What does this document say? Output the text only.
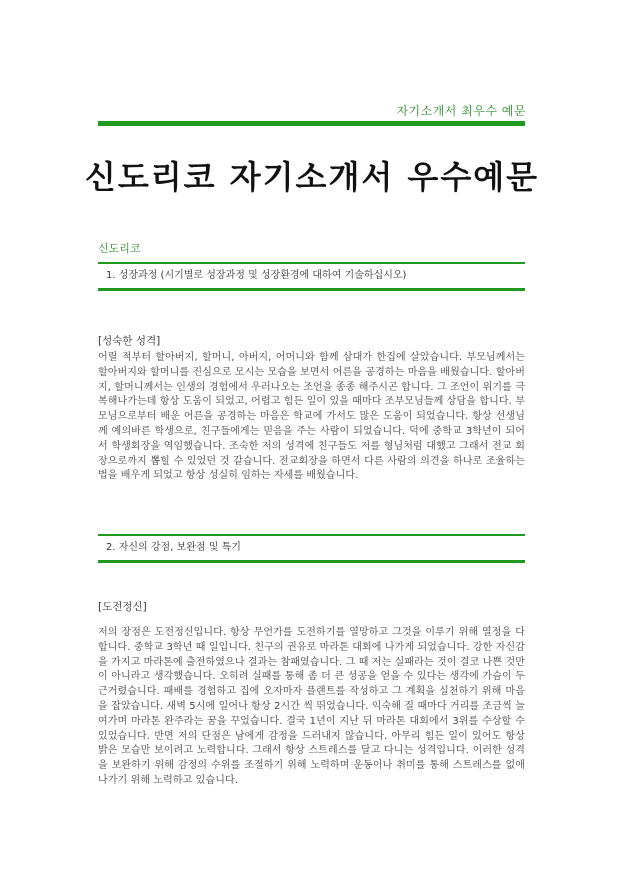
자기소개서 최우수 예문
신도리코 자기소개서 우수예문
신도리코
1. 성장과정 (시기별로 성장과정 및 성장환경에 대하여 기술하십시오)
[성숙한 성격]

어릴 적부터 할아버지, 할머니, 아버지, 어머니와 함께 삼대가 한집에 살았습니다. 부모님께서는 할아버지와 할머니를 진심으로 모시는 모습을 보면서 어른을 공경하는 마음을 배웠습니다. 할아버지, 할머니께서는 인생의 경험에서 우러나오는 조언을 종종 해주시곤 합니다. 그 조언이 위기를 극복해나가는데 항상 도움이 되었고, 어렵고 힘든 일이 있을 때마다 조부모님들께 상담을 합니다. 부모님으로부터 배운 어른을 공경하는 마음은 학교에 가서도 많은 도움이 되었습니다. 항상 선생님께 예의바른 학생으로, 친구들에게는 믿음을 주는 사람이 되었습니다. 덕에 중학교 3학년이 되어서 학생회장을 역임했습니다. 조숙한 저의 성격에 친구들도 저를 형님처럼 대했고 그래서 전교 회장으로까지 뽑힐 수 있었던 것 같습니다. 전교회장을 하면서 다른 사람의 의견을 하나로 조율하는 법을 배우게 되었고 항상 성실히 임하는 자세를 배웠습니다.

2. 자신의 강점, 보완점 및 특기
[도전정신]

저의 장점은 도전정신입니다. 항상 무언가를 도전하기를 열망하고 그것을 이루기 위해 열정을 다합니다. 중학교 3학년 때 일입니다. 친구의 권유로 마라톤 대회에 나가게 되었습니다. 강한 자신감을 가지고 마라톤에 출전하였으나 결과는 참패였습니다. 그 때 저는 실패라는 것이 결코 나쁜 것만이 아니라고 생각했습니다. 오히려 실패를 통해 좀 더 큰 성공을 얻을 수 있다는 생각에 가슴이 두근거렸습니다. 패배를 경험하고 집에 오자마자 플랜트를 작성하고 그 계획을 실천하기 위해 마음을 잡았습니다. 새벽 5시에 일어나 항상 2시간 씩 뛰었습니다. 익숙해 질 때마다 거리를 조금씩 늘여가며 마라톤 완주라는 꿈을 꾸었습니다. 결국 1년이 지난 뒤 마라톤 대회에서 3위를 수상할 수 있었습니다. 반면 저의 단점은 남에게 감정을 드러내지 않습니다. 아무리 힘든 일이 있어도 항상 밝은 모습만 보이려고 노력합니다. 그래서 항상 스트레스를 달고 다니는 성격입니다. 이러한 성격을 보완하기 위해 감정의 수위를 조절하기 위해 노력하며 운동이나 취미를 통해 스트레스를 없애나가기 위해 노력하고 있습니다.
